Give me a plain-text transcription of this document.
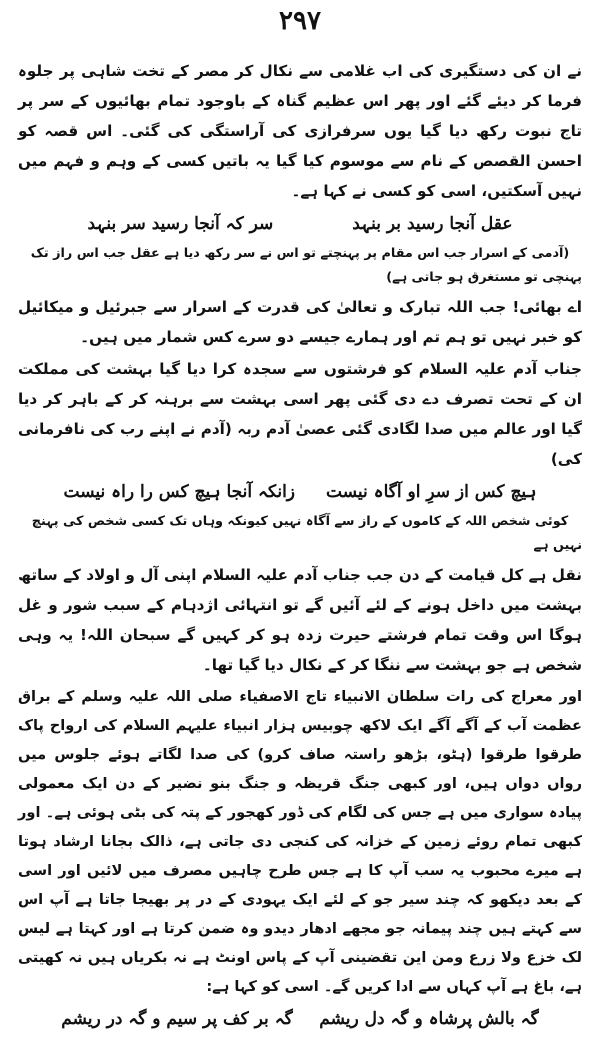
۲۹۷

نے ان کی دستگیری کی اب غلامی سے نکال کر مصر کے تخت شاہی پر جلوہ فرما کر دیئے گئے اور پھر اس عظیم گناہ کے باوجود تمام بھائیوں کے سر پر تاج نبوت رکھ دیا گیا یوں سرفرازی کی آراستگی کی گئی۔ اس قصہ کو احسن القصص کے نام سے موسوم کیا گیا یہ باتیں کسی کے وہم و فہم میں نہیں آسکتیں، اسی کو کسی نے کہا ہے۔

عقل آنجا رسید بر بنہد
سر کہ آنجا رسید سر بنہد

(آدمی کے اسرار جب اس مقام پر پہنچتے تو اس نے سر رکھ دیا ہے عقل جب اس راز تک پہنچی تو مستغرق ہو جاتی ہے)

اے بھائی! جب اللہ تبارک و تعالیٰ کی قدرت کے اسرار سے جبرئیل و میکائیل کو خبر نہیں تو ہم تم اور ہمارے جیسے دو سرے کس شمار میں ہیں۔

جناب آدم علیہ السلام کو فرشتوں سے سجدہ کرا دیا گیا بہشت کی مملکت ان کے تحت تصرف دے دی گئی پھر اسی بہشت سے برہنہ کر کے باہر کر دیا گیا اور عالم میں صدا لگادی گئی عصیٰ آدم ربہ (آدم نے اپنے رب کی نافرمانی کی)

ہیچ کس از سرِ او آگاہ نیست
زانکہ آنجا ہیچ کس را راہ نیست

کوئی شخص اللہ کے کاموں کے راز سے آگاہ نہیں کیونکہ وہاں تک کسی شخص کی پہنچ نہیں ہے

نقل ہے کل قیامت کے دن جب جناب آدم علیہ السلام اپنی آل و اولاد کے ساتھ بہشت میں داخل ہونے کے لئے آئیں گے تو انتہائی اژدہام کے سبب شور و غل ہوگا اس وقت تمام فرشتے حیرت زدہ ہو کر کہیں گے سبحان اللہ! یہ وہی شخص ہے جو بہشت سے ننگا کر کے نکال دیا گیا تھا۔

اور معراج کی رات سلطان الانبیاء تاج الاصفیاء صلی اللہ علیہ وسلم کے براق عظمت آب کے آگے آگے ایک لاکھ چوبیس ہزار انبیاء علیہم السلام کی ارواح پاک طرقوا طرقوا (ہٹو، بڑھو راستہ صاف کرو) کی صدا لگاتے ہوئے جلوس میں رواں دواں ہیں، اور کبھی جنگ قریظہ و جنگ بنو نضیر کے دن ایک معمولی پیادہ سواری میں ہے جس کی لگام کی ڈور کھجور کے پتہ کی بٹی ہوئی ہے۔ اور کبھی تمام روئے زمین کے خزانہ کی کنجی دی جاتی ہے، ذالک بجانا ارشاد ہوتا ہے میرے محبوب یہ سب آپ کا ہے جس طرح چاہیں مصرف میں لائیں اور اسی کے بعد دیکھو کہ چند سیر جو کے لئے ایک یہودی کے در پر بھیجا جاتا ہے آپ اس سے کہتے ہیں چند پیمانہ جو مجھے ادھار دیدو وہ ضمن کرتا ہے اور کہتا ہے لیس لک خزع ولا زرع ومن این تقضینی آپ کے پاس اونٹ ہے نہ بکریاں ہیں نہ کھیتی ہے، باغ ہے آپ کہاں سے ادا کریں گے۔ اسی کو کہا ہے:

گہ بالش پرشاہ و گہ دل ریشم
گہ بر کف پر سیم و گہ در ریشم
